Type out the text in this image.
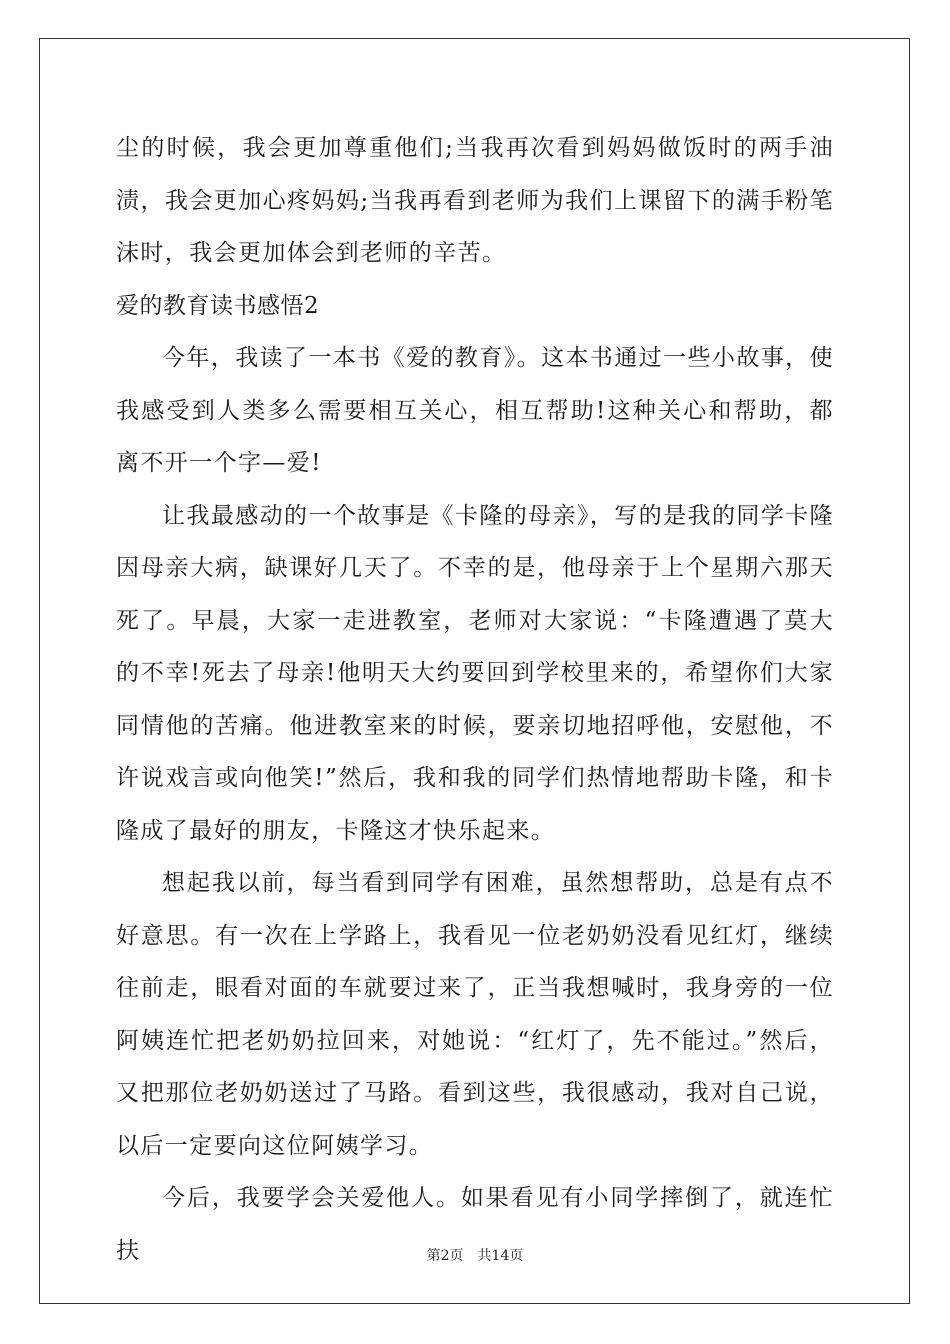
尘的时候，我会更加尊重他们;当我再次看到妈妈做饭时的两手油渍，我会更加心疼妈妈;当我再看到老师为我们上课留下的满手粉笔沫时，我会更加体会到老师的辛苦。

爱的教育读书感悟2

今年，我读了一本书《爱的教育》。这本书通过一些小故事，使我感受到人类多么需要相互关心，相互帮助!这种关心和帮助，都离不开一个字—爱!

让我最感动的一个故事是《卡隆的母亲》，写的是我的同学卡隆因母亲大病，缺课好几天了。不幸的是，他母亲于上个星期六那天死了。早晨，大家一走进教室，老师对大家说：“卡隆遭遇了莫大的不幸!死去了母亲!他明天大约要回到学校里来的，希望你们大家同情他的苦痛。他进教室来的时候，要亲切地招呼他，安慰他，不许说戏言或向他笑!”然后，我和我的同学们热情地帮助卡隆，和卡隆成了最好的朋友，卡隆这才快乐起来。

想起我以前，每当看到同学有困难，虽然想帮助，总是有点不好意思。有一次在上学路上，我看见一位老奶奶没看见红灯，继续往前走，眼看对面的车就要过来了，正当我想喊时，我身旁的一位阿姨连忙把老奶奶拉回来，对她说：“红灯了，先不能过。”然后，又把那位老奶奶送过了马路。看到这些，我很感动，我对自己说，以后一定要向这位阿姨学习。

今后，我要学会关爱他人。如果看见有小同学摔倒了，就连忙扶	第2页 共14页
